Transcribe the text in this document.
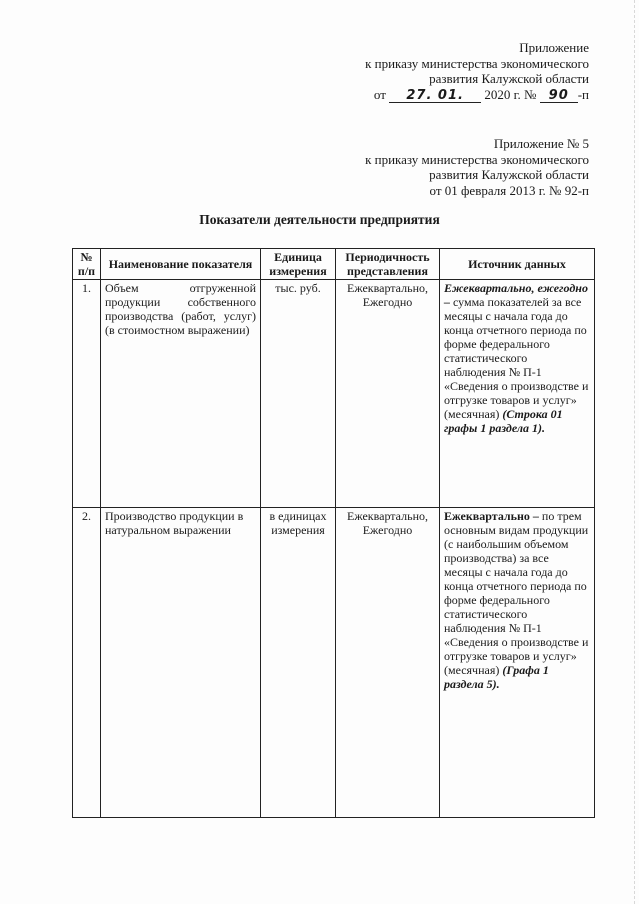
Приложение
к приказу министерства экономического
развития Калужской области
от 27. 01. 2020 г. № 90 -п
Приложение № 5
к приказу министерства экономического
развития Калужской области
от 01 февраля 2013 г. № 92-п
Показатели деятельности предприятия
№ п/п	Наименование показателя	Единица измерения	Периодичность представления	Источник данных
1.	Объем отгруженной продукции собственного производства (работ, услуг) (в стоимостном выражении)	тыс. руб.	Ежеквартально, Ежегодно	Ежеквартально, ежегодно – сумма показателей за все месяцы с начала года до конца отчетного периода по форме федерального статистического наблюдения № П-1 «Сведения о производстве и отгрузке товаров и услуг» (месячная) (Строка 01 графы 1 раздела 1).
2.	Производство продукции в натуральном выражении	в единицах измерения	Ежеквартально, Ежегодно	Ежеквартально – по трем основным видам продукции (с наибольшим объемом производства) за все месяцы с начала года до конца отчетного периода по форме федерального статистического наблюдения № П-1 «Сведения о производстве и отгрузке товаров и услуг» (месячная) (Графа 1 раздела 5).
